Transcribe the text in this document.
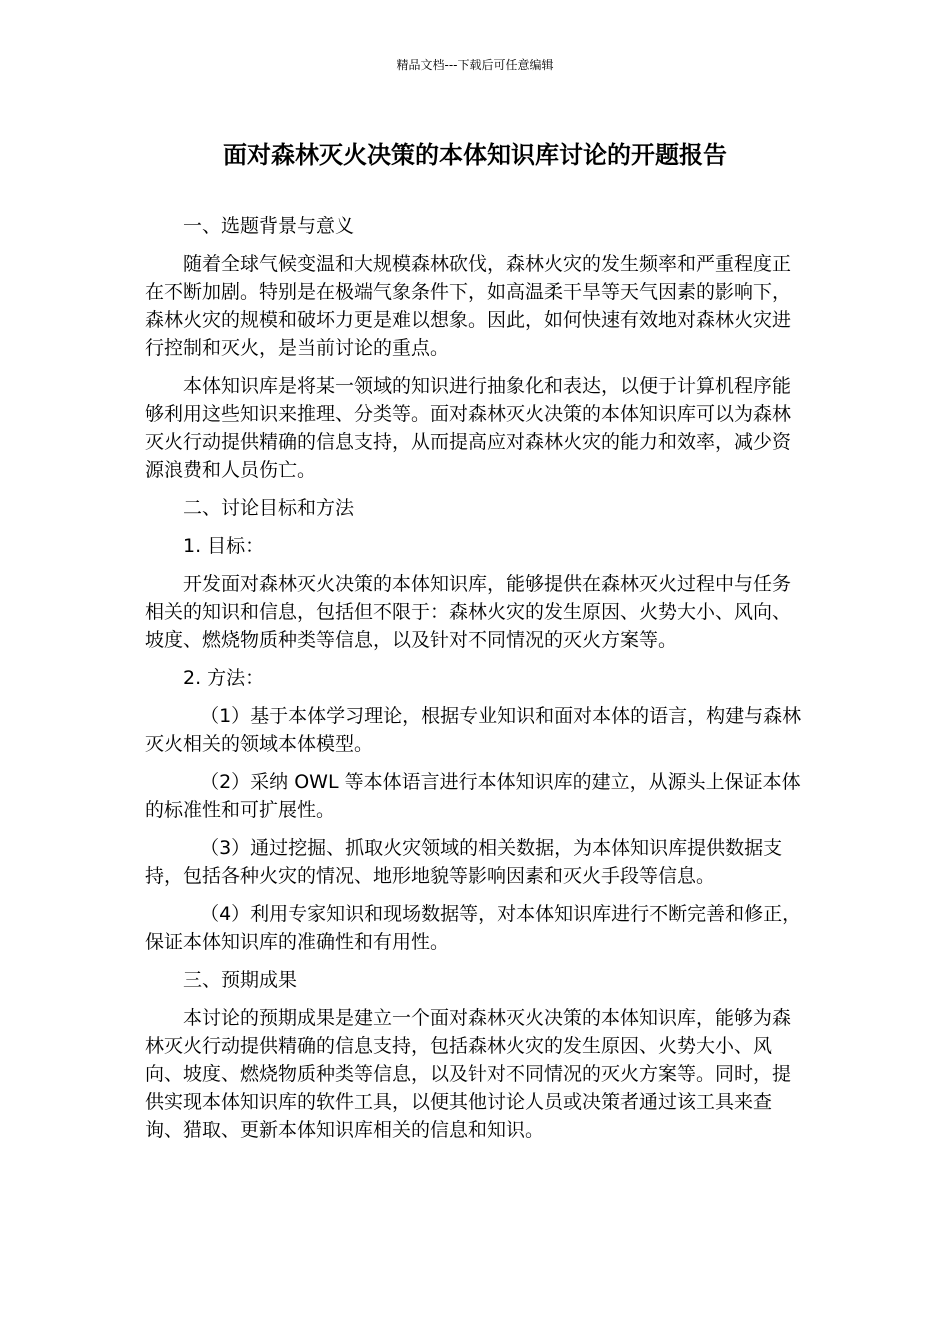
精品文档---下载后可任意编辑
面对森林灭火决策的本体知识库讨论的开题报告

一、选题背景与意义

随着全球气候变温和大规模森林砍伐，森林火灾的发生频率和严重程度正在不断加剧。特别是在极端气象条件下，如高温柔干旱等天气因素的影响下，森林火灾的规模和破坏力更是难以想象。因此，如何快速有效地对森林火灾进行控制和灭火，是当前讨论的重点。

本体知识库是将某一领域的知识进行抽象化和表达，以便于计算机程序能够利用这些知识来推理、分类等。面对森林灭火决策的本体知识库可以为森林灭火行动提供精确的信息支持，从而提高应对森林火灾的能力和效率，减少资源浪费和人员伤亡。

二、讨论目标和方法

1. 目标：

开发面对森林灭火决策的本体知识库，能够提供在森林灭火过程中与任务相关的知识和信息，包括但不限于：森林火灾的发生原因、火势大小、风向、坡度、燃烧物质种类等信息，以及针对不同情况的灭火方案等。

2. 方法：

（1）基于本体学习理论，根据专业知识和面对本体的语言，构建与森林灭火相关的领域本体模型。

（2）采纳 OWL 等本体语言进行本体知识库的建立，从源头上保证本体的标准性和可扩展性。

（3）通过挖掘、抓取火灾领域的相关数据，为本体知识库提供数据支持，包括各种火灾的情况、地形地貌等影响因素和灭火手段等信息。

（4）利用专家知识和现场数据等，对本体知识库进行不断完善和修正，保证本体知识库的准确性和有用性。

三、预期成果

本讨论的预期成果是建立一个面对森林灭火决策的本体知识库，能够为森林灭火行动提供精确的信息支持，包括森林火灾的发生原因、火势大小、风向、坡度、燃烧物质种类等信息，以及针对不同情况的灭火方案等。同时，提供实现本体知识库的软件工具，以便其他讨论人员或决策者通过该工具来查询、猎取、更新本体知识库相关的信息和知识。
